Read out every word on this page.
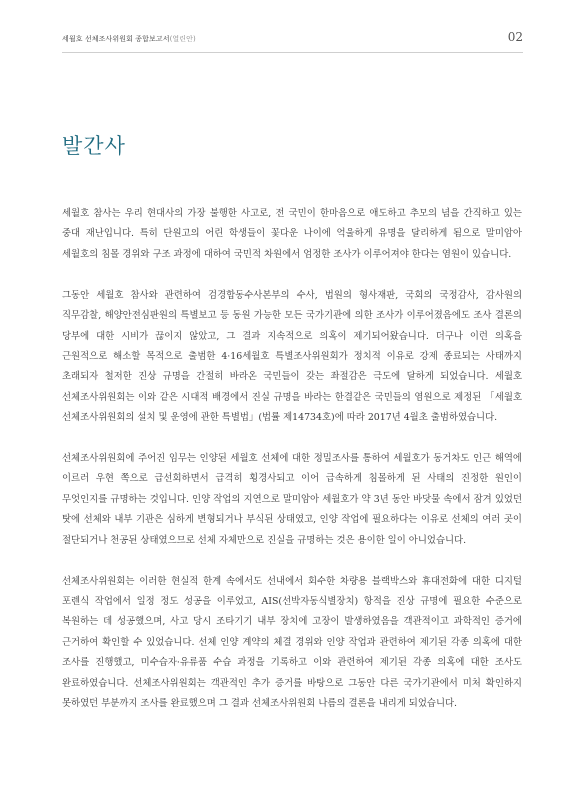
세월호 선체조사위원회 종합보고서(열린안)	02
발간사

세월호 참사는 우리 현대사의 가장 불행한 사고로, 전 국민이 한마음으로 애도하고 추모의 념을 간직하고 있는 중대 재난입니다. 특히 단원고의 어린 학생들이 꽃다운 나이에 억울하게 유명을 달리하게 됨으로 말미암아 세월호의 침몰 경위와 구조 과정에 대하여 국민적 차원에서 엄정한 조사가 이루어져야 한다는 염원이 있습니다.

그동안 세월호 참사와 관련하여 검경합동수사본부의 수사, 법원의 형사재판, 국회의 국정감사, 감사원의 직무감찰, 해양안전심판원의 특별보고 등 동원 가능한 모든 국가기관에 의한 조사가 이루어졌음에도 조사 결론의 당부에 대한 시비가 끊이지 않았고, 그 결과 지속적으로 의혹이 제기되어왔습니다. 더구나 이런 의혹을 근원적으로 해소할 목적으로 출범한 4·16세월호 특별조사위원회가 정치적 이유로 강제 종료되는 사태까지 초래되자 철저한 진상 규명을 간절히 바라온 국민들이 갖는 좌절감은 극도에 달하게 되었습니다. 세월호 선체조사위원회는 이와 같은 시대적 배경에서 진실 규명을 바라는 한결같은 국민들의 염원으로 제정된 「세월호 선체조사위원회의 설치 및 운영에 관한 특별법」(법률 제14734호)에 따라 2017년 4월초 출범하였습니다.

선체조사위원회에 주어진 임무는 인양된 세월호 선체에 대한 정밀조사를 통하여 세월호가 동거차도 인근 해역에 이르러 우현 쪽으로 급선회하면서 급격히 횡경사되고 이어 급속하게 침몰하게 된 사태의 진정한 원인이 무엇인지를 규명하는 것입니다. 인양 작업의 지연으로 말미암아 세월호가 약 3년 동안 바닷물 속에서 잠겨 있었던 탓에 선체와 내부 기관은 심하게 변형되거나 부식된 상태였고, 인양 작업에 필요하다는 이유로 선체의 여러 곳이 절단되거나 천공된 상태였으므로 선체 자체만으로 진실을 규명하는 것은 용이한 일이 아니었습니다.

선체조사위원회는 이러한 현실적 한계 속에서도 선내에서 회수한 차량용 블랙박스와 휴대전화에 대한 디지털 포렌식 작업에서 일정 정도 성공을 이루었고, AIS(선박자동식별장치) 항적을 진상 규명에 필요한 수준으로 복원하는 데 성공했으며, 사고 당시 조타기기 내부 장치에 고장이 발생하였음을 객관적이고 과학적인 증거에 근거하여 확인할 수 있었습니다. 선체 인양 계약의 체결 경위와 인양 작업과 관련하여 제기된 각종 의혹에 대한 조사를 진행했고, 미수습자·유류품 수습 과정을 기록하고 이와 관련하여 제기된 각종 의혹에 대한 조사도 완료하였습니다. 선체조사위원회는 객관적인 추가 증거를 바탕으로 그동안 다른 국가기관에서 미처 확인하지 못하였던 부분까지 조사를 완료했으며 그 결과 선체조사위원회 나름의 결론을 내리게 되었습니다.
